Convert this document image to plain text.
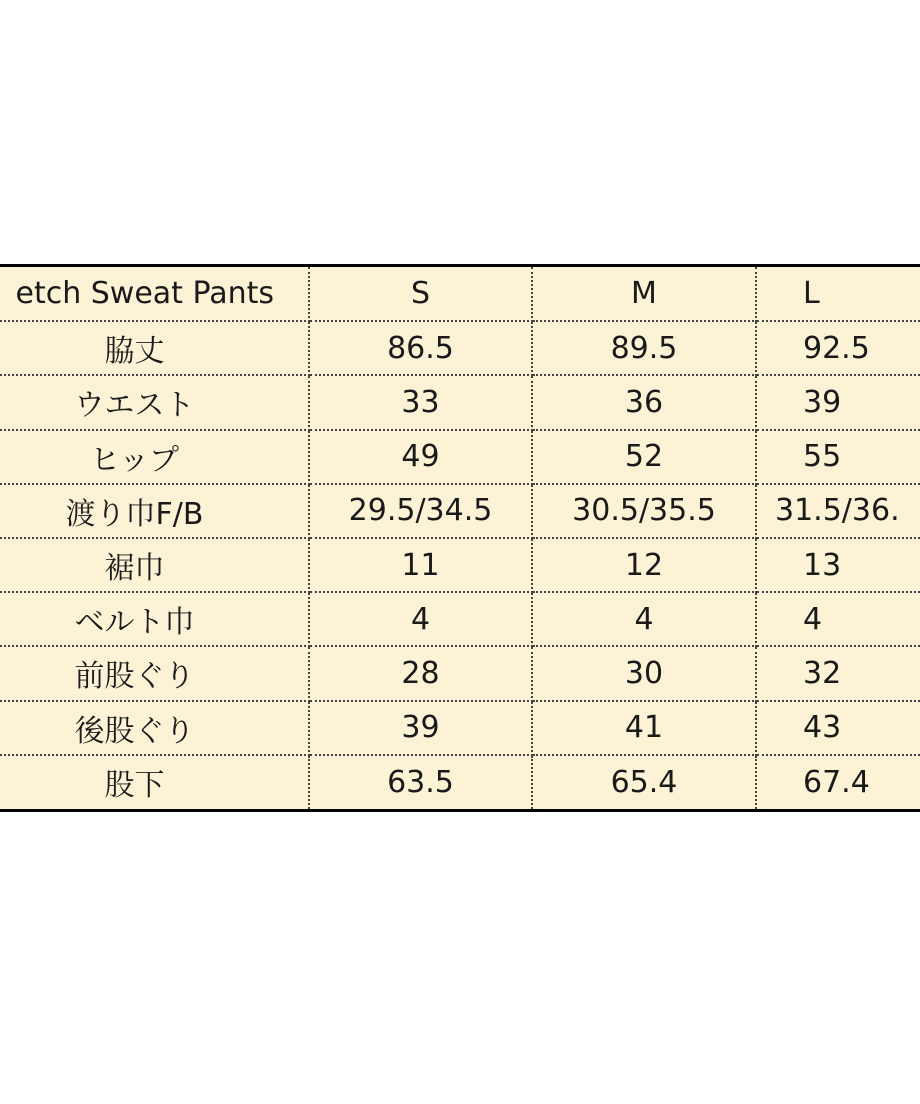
etch Sweat Pants	S	M	L
脇丈	86.5	89.5	92.5
ウエスト	33	36	39
ヒップ	49	52	55
渡り巾F/B	29.5/34.5	30.5/35.5	31.5/36.
裾巾	11	12	13
ベルト巾	4	4	4
前股ぐり	28	30	32
後股ぐり	39	41	43
股下	63.5	65.4	67.4
